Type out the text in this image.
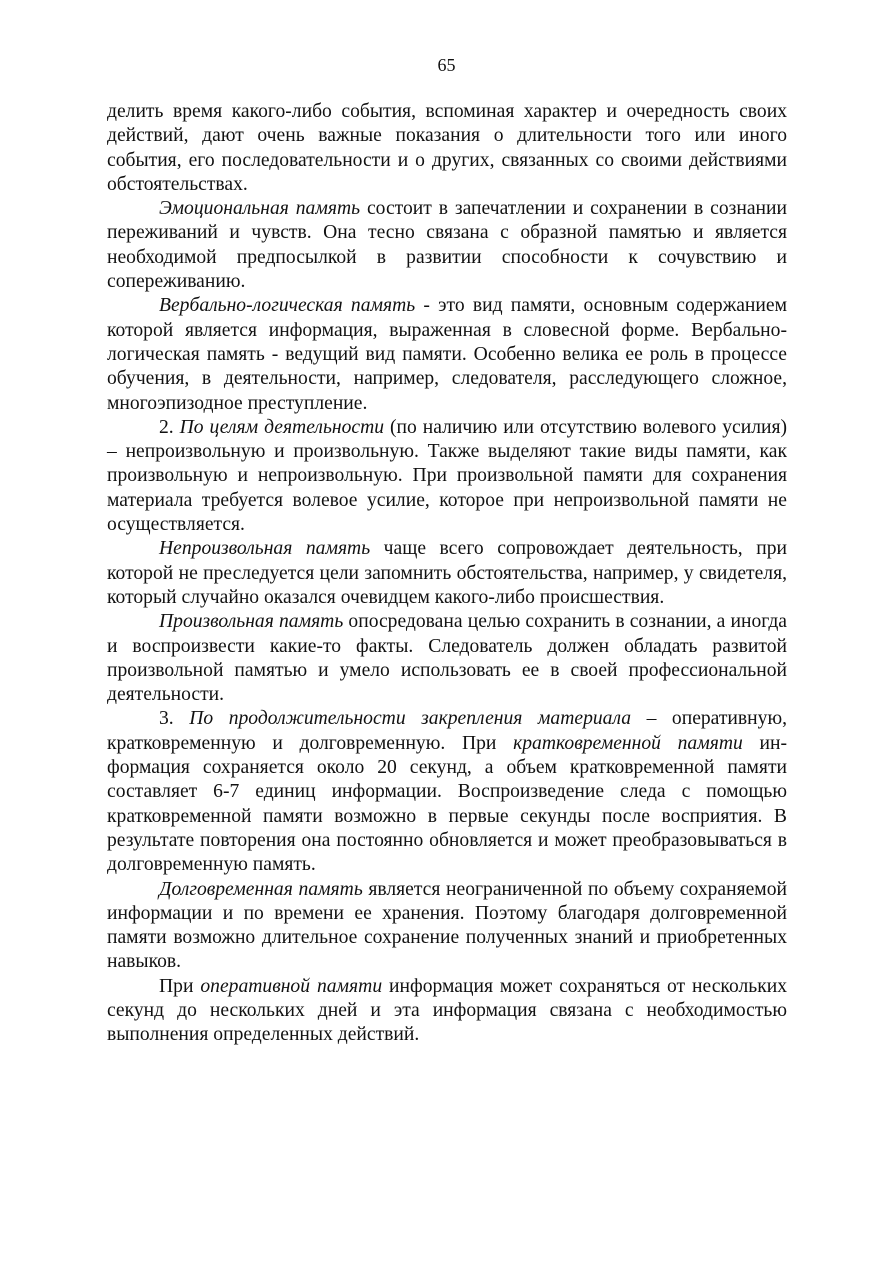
65

делить время какого-либо события, вспоминая характер и очередность своих действий, дают очень важные показания о длительности того или иного события, его последовательности и о других, связанных со своими действиями обстоятельствах.

Эмоциональная память состоит в запечатлении и сохранении в сознании переживаний и чувств. Она тесно связана с образной памятью и является необходимой предпосылкой в развитии способности к сочувствию и сопереживанию.

Вербально-логическая память - это вид памяти, основным содержанием которой является информация, выраженная в словесной форме. Вербально-логическая память - ведущий вид памяти. Особенно велика ее роль в процессе обучения, в деятельности, например, следователя, расследующего сложное, многоэпизодное преступление.

2. По целям деятельности (по наличию или отсутствию волевого усилия) – непроизвольную и произвольную. Также выделяют такие виды памяти, как произвольную и непроизвольную. При произвольной памяти для сохранения материала требуется волевое усилие, которое при непроизвольной памяти не осуществляется.

Непроизвольная память чаще всего сопровождает деятельность, при которой не преследуется цели запомнить обстоятельства, например, у свидетеля, который случайно оказался очевидцем какого-либо происшествия.

Произвольная память опосредована целью сохранить в сознании, а иногда и воспроизвести какие-то факты. Следователь должен обладать развитой произвольной памятью и умело использовать ее в своей профессиональной деятельности.

3. По продолжительности закрепления материала – оперативную, кратковременную и долговременную. При кратковременной памяти информация сохраняется около 20 секунд, а объем кратковременной памяти составляет 6-7 единиц информации. Воспроизведение следа с помощью кратковременной памяти возможно в первые секунды после восприятия. В результате повторения она постоянно обновляется и может преобразовываться в долговременную память.

Долговременная память является неограниченной по объему сохраняемой информации и по времени ее хранения. Поэтому благодаря долговременной памяти возможно длительное сохранение полученных знаний и приобретенных навыков.

При оперативной памяти информация может сохраняться от нескольких секунд до нескольких дней и эта информация связана с необходимостью выполнения определенных действий.
